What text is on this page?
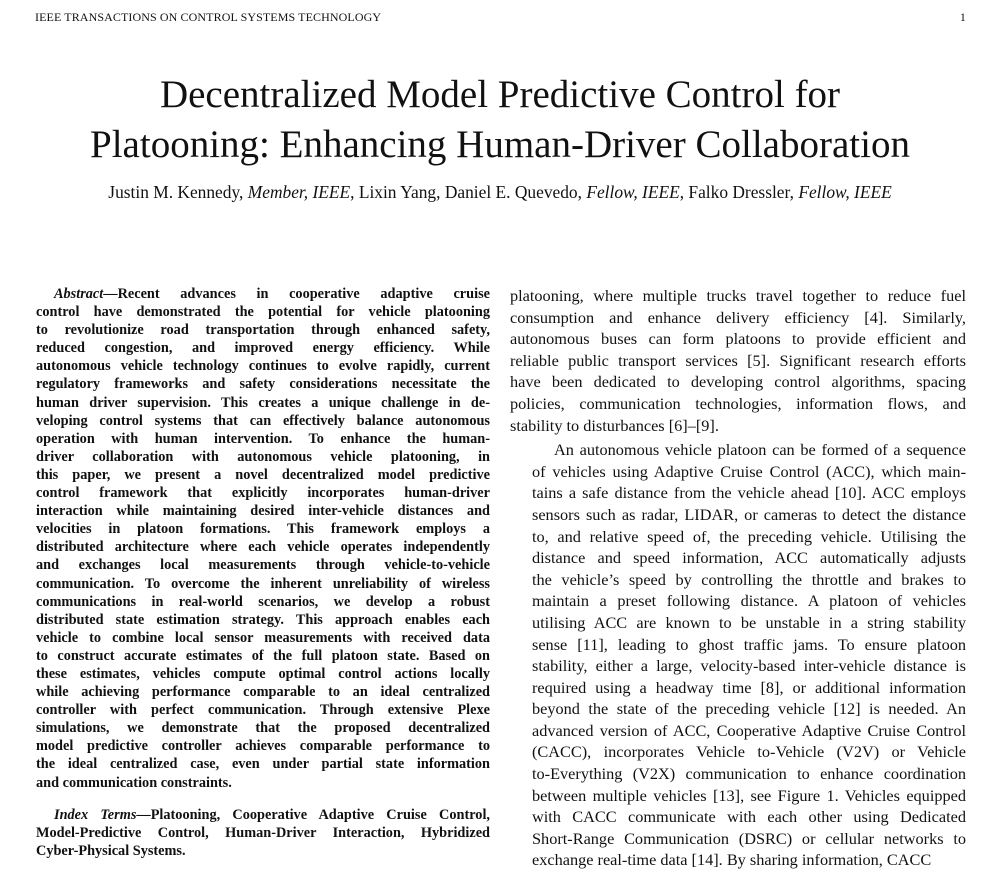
IEEE TRANSACTIONS ON CONTROL SYSTEMS TECHNOLOGY	1
Decentralized Model Predictive Control for
Platooning: Enhancing Human-Driver Collaboration
Justin M. Kennedy, Member, IEEE, Lixin Yang, Daniel E. Quevedo, Fellow, IEEE, Falko Dressler, Fellow, IEEE
Abstract—Recent advances in cooperative adaptive cruise
control have demonstrated the potential for vehicle platooning
to revolutionize road transportation through enhanced safety,
reduced congestion, and improved energy efficiency. While
autonomous vehicle technology continues to evolve rapidly, current
regulatory frameworks and safety considerations necessitate the
human driver supervision. This creates a unique challenge in de-
veloping control systems that can effectively balance autonomous
operation with human intervention. To enhance the human-
driver collaboration with autonomous vehicle platooning, in
this paper, we present a novel decentralized model predictive
control framework that explicitly incorporates human-driver
interaction while maintaining desired inter-vehicle distances and
velocities in platoon formations. This framework employs a
distributed architecture where each vehicle operates independently
and exchanges local measurements through vehicle-to-vehicle
communication. To overcome the inherent unreliability of wireless
communications in real-world scenarios, we develop a robust
distributed state estimation strategy. This approach enables each
vehicle to combine local sensor measurements with received data
to construct accurate estimates of the full platoon state. Based on
these estimates, vehicles compute optimal control actions locally
while achieving performance comparable to an ideal centralized
controller with perfect communication. Through extensive Plexe
simulations, we demonstrate that the proposed decentralized
model predictive controller achieves comparable performance to
the ideal centralized case, even under partial state information
and communication constraints.
Index Terms—Platooning, Cooperative Adaptive Cruise Control,
Model-Predictive Control, Human-Driver Interaction, Hybridized
Cyber-Physical Systems.
platooning, where multiple trucks travel together to reduce fuel
consumption and enhance delivery efficiency [4]. Similarly,
autonomous buses can form platoons to provide efficient and
reliable public transport services [5]. Significant research efforts
have been dedicated to developing control algorithms, spacing
policies, communication technologies, information flows, and
stability to disturbances [6]–[9].
An autonomous vehicle platoon can be formed of a sequence
of vehicles using Adaptive Cruise Control (ACC), which main-
tains a safe distance from the vehicle ahead [10]. ACC employs
sensors such as radar, LIDAR, or cameras to detect the distance
to, and relative speed of, the preceding vehicle. Utilising the
distance and speed information, ACC automatically adjusts
the vehicle’s speed by controlling the throttle and brakes to
maintain a preset following distance. A platoon of vehicles
utilising ACC are known to be unstable in a string stability
sense [11], leading to ghost traffic jams. To ensure platoon
stability, either a large, velocity-based inter-vehicle distance is
required using a headway time [8], or additional information
beyond the state of the preceding vehicle [12] is needed. An
advanced version of ACC, Cooperative Adaptive Cruise Control
(CACC), incorporates Vehicle to-Vehicle (V2V) or Vehicle
to-Everything (V2X) communication to enhance coordination
between multiple vehicles [13], see Figure 1. Vehicles equipped
with CACC communicate with each other using Dedicated
Short-Range Communication (DSRC) or cellular networks to
exchange real-time data [14]. By sharing information, CACC
